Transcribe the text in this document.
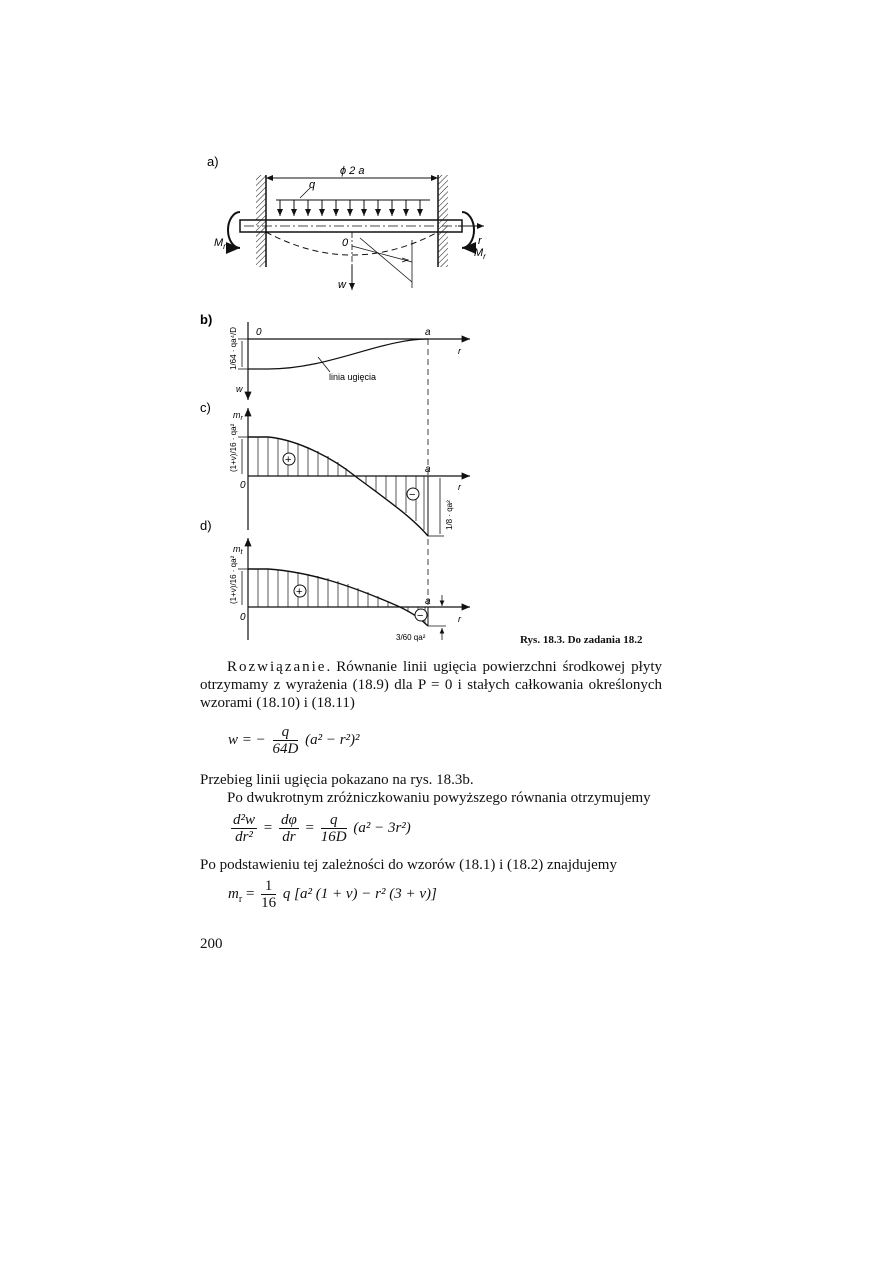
a)
ϕ 2 a
q
r
w
0
$M_r$
$M_r$
b)
w
r
0	a
1/64 · qa⁴/D
linia ugięcia
c) $m_r$
r
0
a
1/8 · qa²
(1+ν)/16 · qa²	+
−
d)
$m_t$
r
0
a
3/60 qa²
(1+ν)/16 · qa²	+
−
Rys. 18.3. Do zadania 18.2
Rozwiązanie. Równanie linii ugięcia powierzchni środkowej płyty otrzymamy z wyrażenia (18.9) dla P = 0 i stałych całkowania określonych wzorami (18.10) i (18.11)
w = − $\frac{q}{64D} (a^2 - r^2)^2$
Przebieg linii ugięcia pokazano na rys. 18.3b.
Po dwukrotnym zróżniczkowaniu powyższego równania otrzymujemy
$\frac{\text{d²w}}{\text{dr²}} = \frac{d\varphi}{dr} = \frac{q}{16D} (a^2 - 3r^2)$
Po podstawieniu tej zależności do wzorów (18.1) i (18.2) znajdujemy
$m_r = \frac{1}{16}$ q [a² (1 + ν) − r² (3 + ν)]
200
